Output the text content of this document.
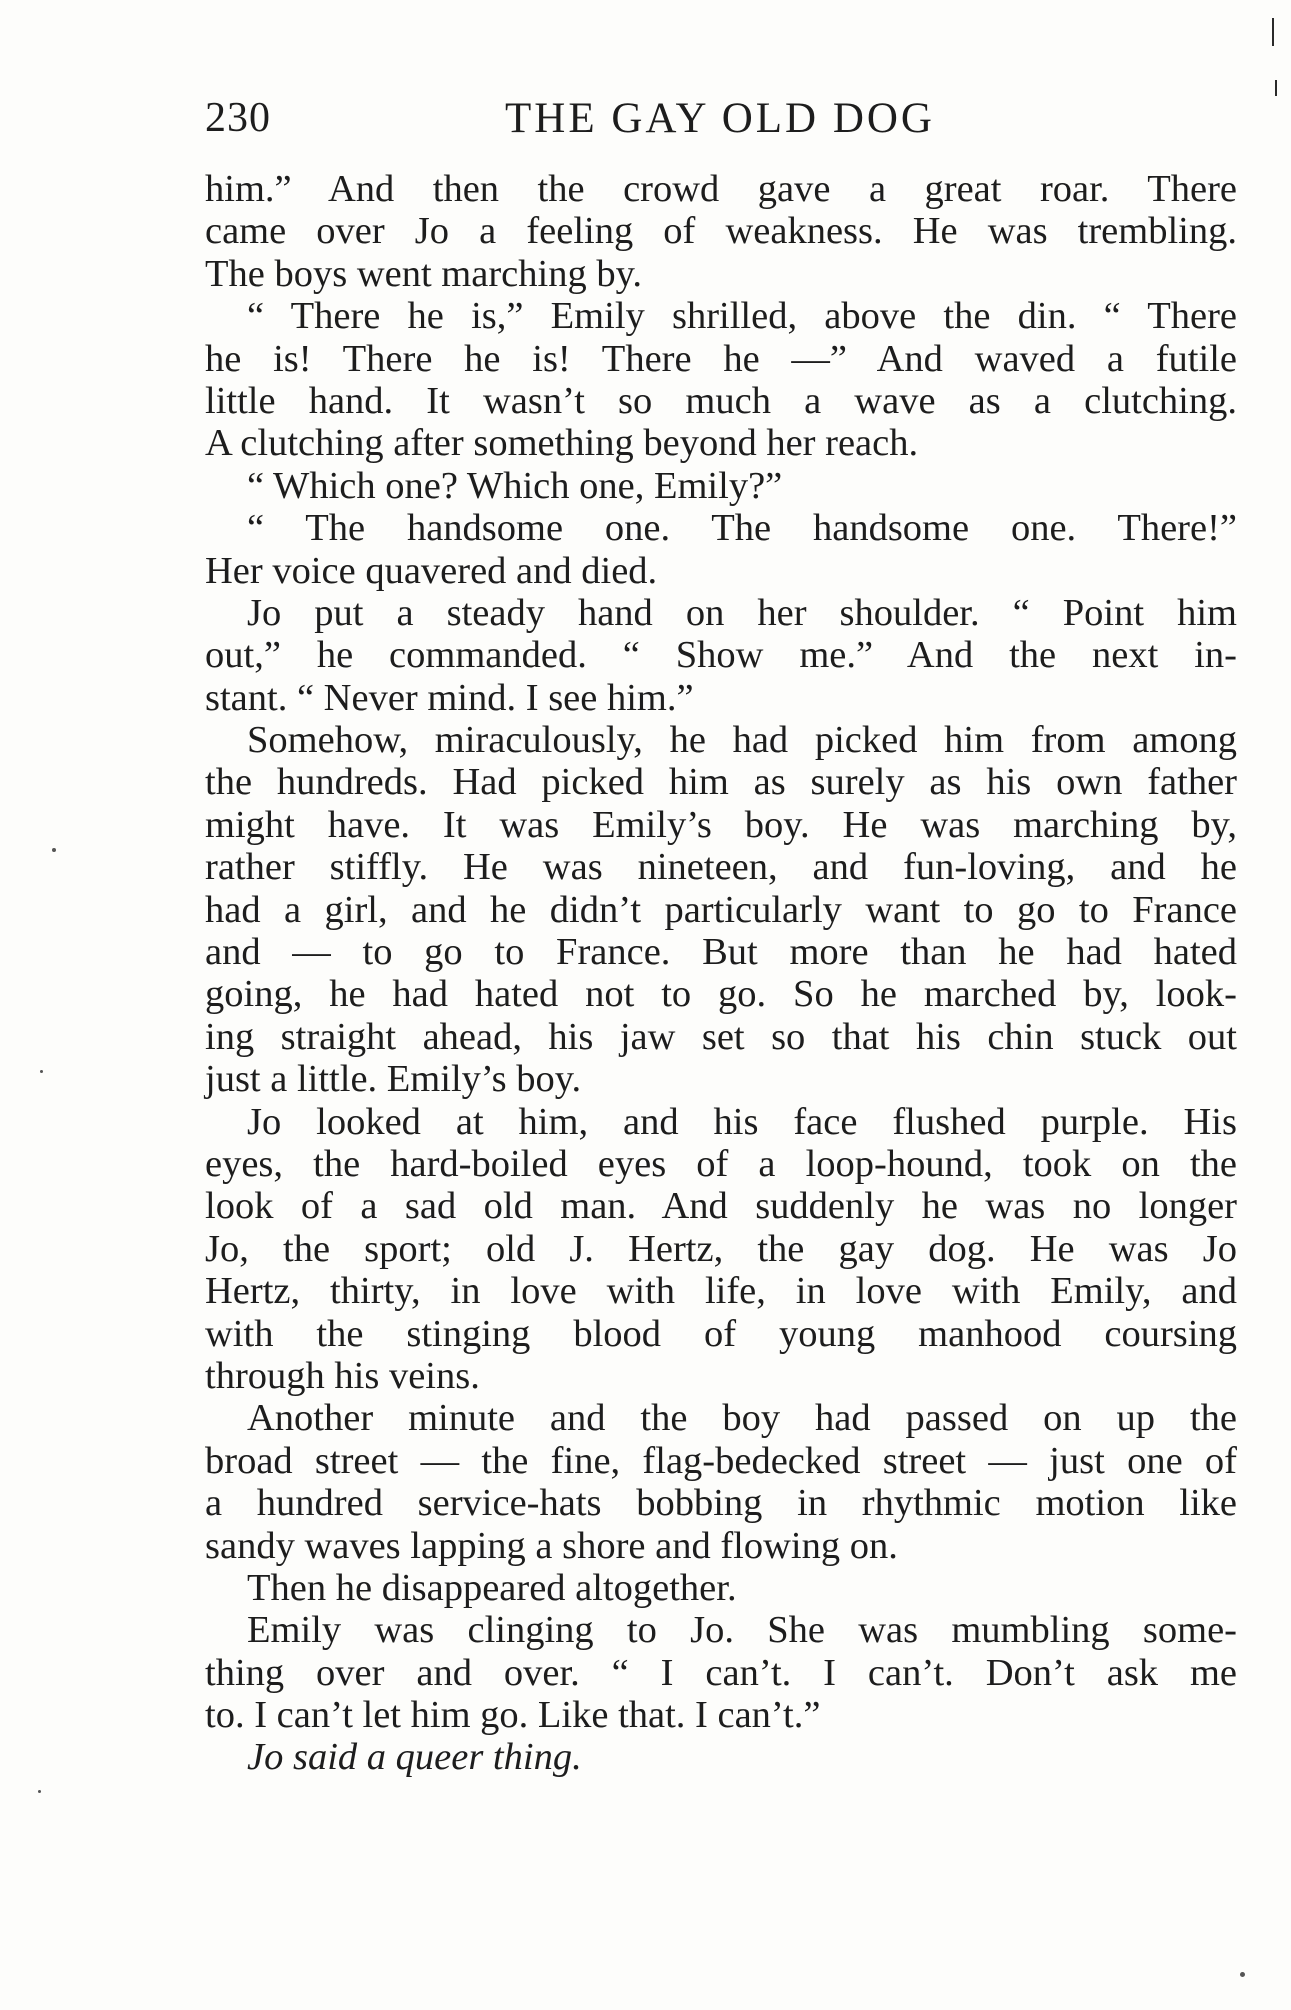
230	THE GAY OLD DOG
him.” And then the crowd gave a great roar. There
came over Jo a feeling of weakness. He was trembling.
The boys went marching by.
“ There he is,” Emily shrilled, above the din. “ There
he is! There he is! There he —” And waved a futile
little hand. It wasn’t so much a wave as a clutching.
A clutching after something beyond her reach.
“ Which one? Which one, Emily?”
“ The handsome one. The handsome one. There!”
Her voice quavered and died.
Jo put a steady hand on her shoulder. “ Point him
out,” he commanded. “ Show me.” And the next in-
stant. “ Never mind. I see him.”
Somehow, miraculously, he had picked him from among
the hundreds. Had picked him as surely as his own father
might have. It was Emily’s boy. He was marching by,
rather stiffly. He was nineteen, and fun-loving, and he
had a girl, and he didn’t particularly want to go to France
and — to go to France. But more than he had hated
going, he had hated not to go. So he marched by, look-
ing straight ahead, his jaw set so that his chin stuck out
just a little. Emily’s boy.
Jo looked at him, and his face flushed purple. His
eyes, the hard-boiled eyes of a loop-hound, took on the
look of a sad old man. And suddenly he was no longer
Jo, the sport; old J. Hertz, the gay dog. He was Jo
Hertz, thirty, in love with life, in love with Emily, and
with the stinging blood of young manhood coursing
through his veins.
Another minute and the boy had passed on up the
broad street — the fine, flag-bedecked street — just one of
a hundred service-hats bobbing in rhythmic motion like
sandy waves lapping a shore and flowing on.
Then he disappeared altogether.
Emily was clinging to Jo. She was mumbling some-
thing over and over. “ I can’t. I can’t. Don’t ask me
to. I can’t let him go. Like that. I can’t.”
Jo said a queer thing.
